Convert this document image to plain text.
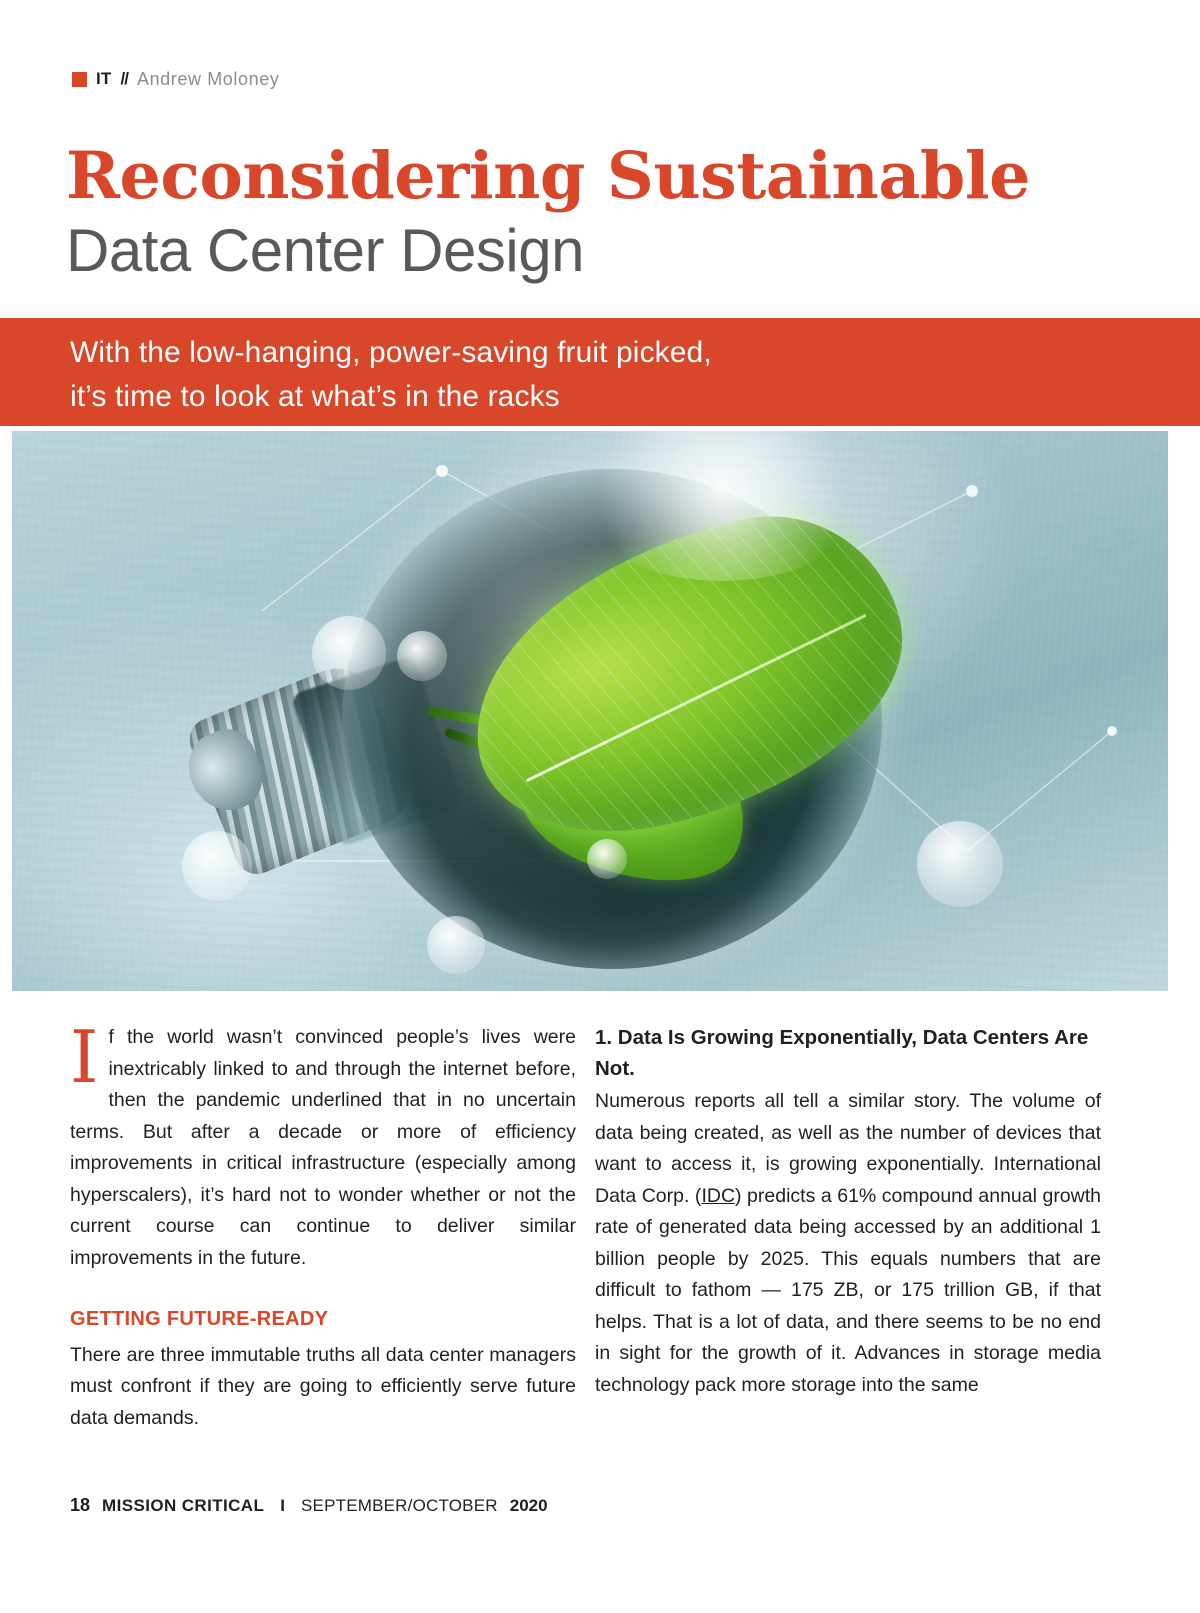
IT // Andrew Moloney
Reconsidering Sustainable
Data Center Design
With the low-hanging, power-saving fruit picked,
it’s time to look at what’s in the racks

If the world wasn’t convinced people’s lives were inextricably linked to and through the internet before, then the pandemic underlined that in no uncertain terms. But after a decade or more of efficiency improvements in critical infrastructure (especially among hyperscalers), it’s hard not to wonder whether or not the current course can continue to deliver similar improvements in the future.

GETTING FUTURE-READY

There are three immutable truths all data center managers must confront if they are going to efficiently serve future data demands.

1. Data Is Growing Exponentially, Data Centers Are Not.

Numerous reports all tell a similar story. The volume of data being created, as well as the number of devices that want to access it, is growing exponentially. International Data Corp. (IDC) predicts a 61% compound annual growth rate of generated data being accessed by an additional 1 billion people by 2025. This equals numbers that are difficult to fathom — 175 ZB, or 175 trillion GB, if that helps. That is a lot of data, and there seems to be no end in sight for the growth of it. Advances in storage media technology pack more storage into the same

18 MISSION CRITICAL I SEPTEMBER/OCTOBER 2020
